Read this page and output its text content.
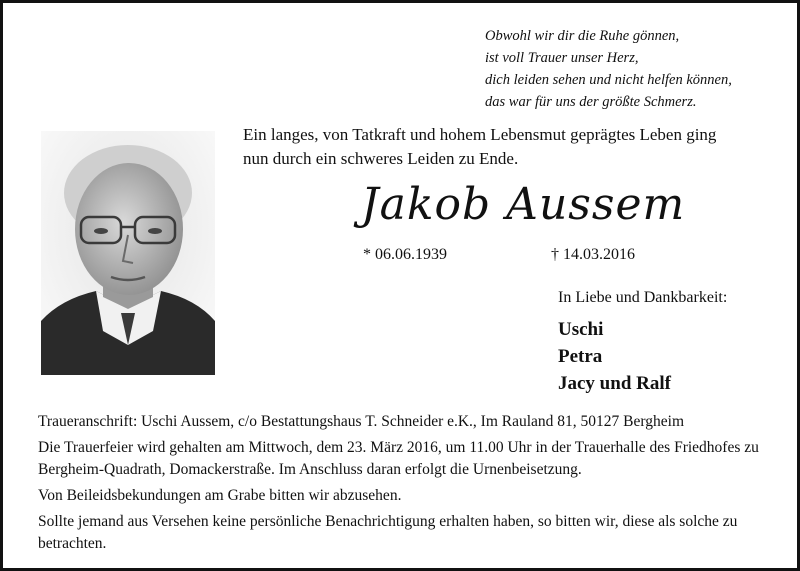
Obwohl wir dir die Ruhe gönnen,
ist voll Trauer unser Herz,
dich leiden sehen und nicht helfen können,
das war für uns der größte Schmerz.
Ein langes, von Tatkraft und hohem Lebensmut geprägtes Leben ging
nun durch ein schweres Leiden zu Ende.
Jakob Aussem
* 06.06.1939	† 14.03.2016
In Liebe und Dankbarkeit:
Uschi
Petra
Jacy und Ralf

Traueranschrift: Uschi Aussem, c/o Bestattungshaus T. Schneider e.K., Im Rauland 81, 50127 Bergheim

Die Trauerfeier wird gehalten am Mittwoch, dem 23. März 2016, um 11.00 Uhr in der Trauerhalle des Friedhofes zu Bergheim-Quadrath, Domackerstraße. Im Anschluss daran erfolgt die Urnenbeisetzung.

Von Beileidsbekundungen am Grabe bitten wir abzusehen.

Sollte jemand aus Versehen keine persönliche Benachrichtigung erhalten haben, so bitten wir, diese als solche zu betrachten.
